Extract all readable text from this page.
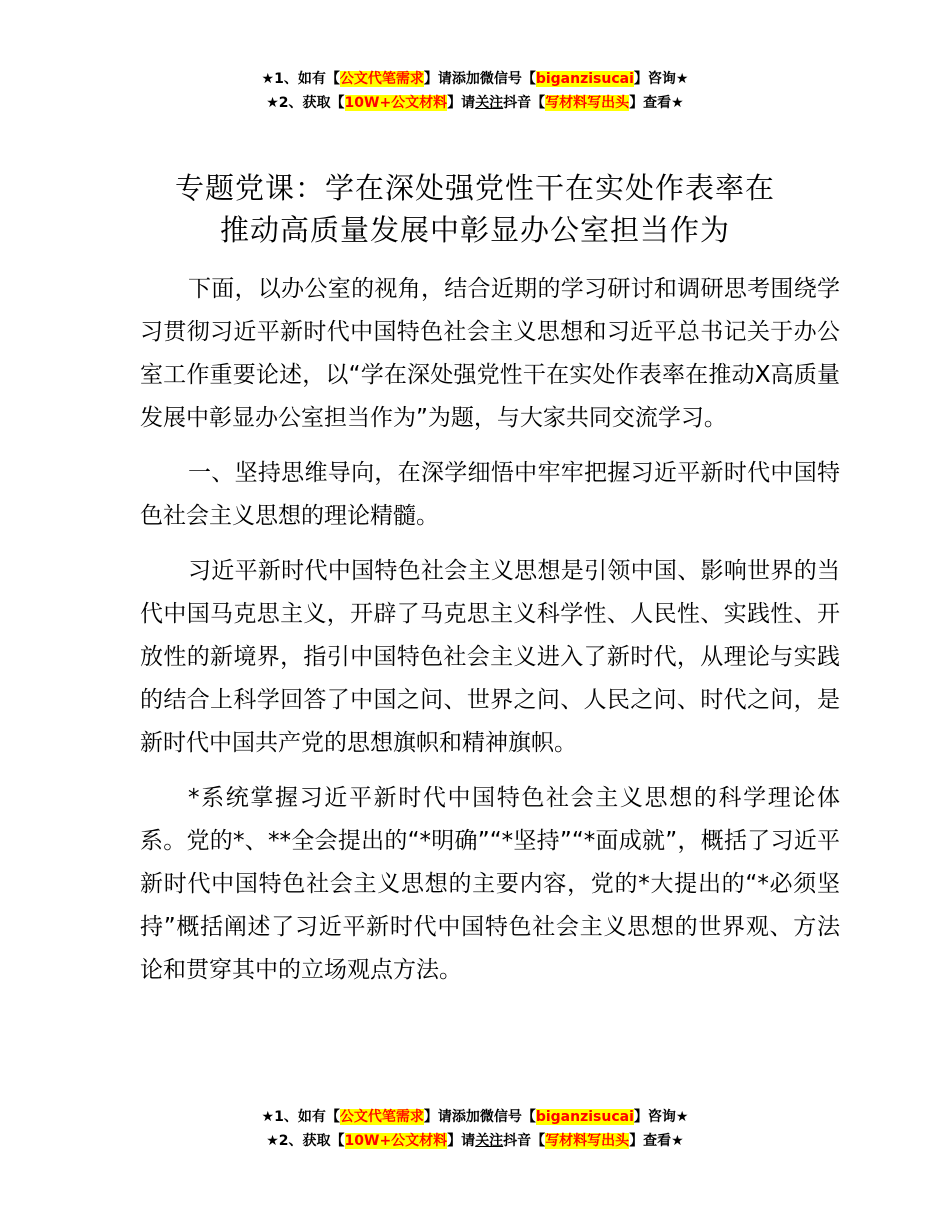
★1、如有【公文代笔需求】请添加微信号【biganzisucai】咨询★
★2、获取【10W+公文材料】请关注抖音【写材料写出头】查看★
专题党课：学在深处强党性干在实处作表率在
推动高质量发展中彰显办公室担当作为

下面，以办公室的视角，结合近期的学习研讨和调研思考围绕学习贯彻习近平新时代中国特色社会主义思想和习近平总书记关于办公室工作重要论述，以“学在深处强党性干在实处作表率在推动X高质量发展中彰显办公室担当作为”为题，与大家共同交流学习。

一、坚持思维导向，在深学细悟中牢牢把握习近平新时代中国特色社会主义思想的理论精髓。

习近平新时代中国特色社会主义思想是引领中国、影响世界的当代中国马克思主义，开辟了马克思主义科学性、人民性、实践性、开放性的新境界，指引中国特色社会主义进入了新时代，从理论与实践的结合上科学回答了中国之问、世界之问、人民之问、时代之问，是新时代中国共产党的思想旗帜和精神旗帜。

*系统掌握习近平新时代中国特色社会主义思想的科学理论体系。党的*、**全会提出的“*明确”“*坚持”“*面成就”，概括了习近平新时代中国特色社会主义思想的主要内容，党的*大提出的“*必须坚持”概括阐述了习近平新时代中国特色社会主义思想的世界观、方法论和贯穿其中的立场观点方法。

★1、如有【公文代笔需求】请添加微信号【biganzisucai】咨询★
★2、获取【10W+公文材料】请关注抖音【写材料写出头】查看★
